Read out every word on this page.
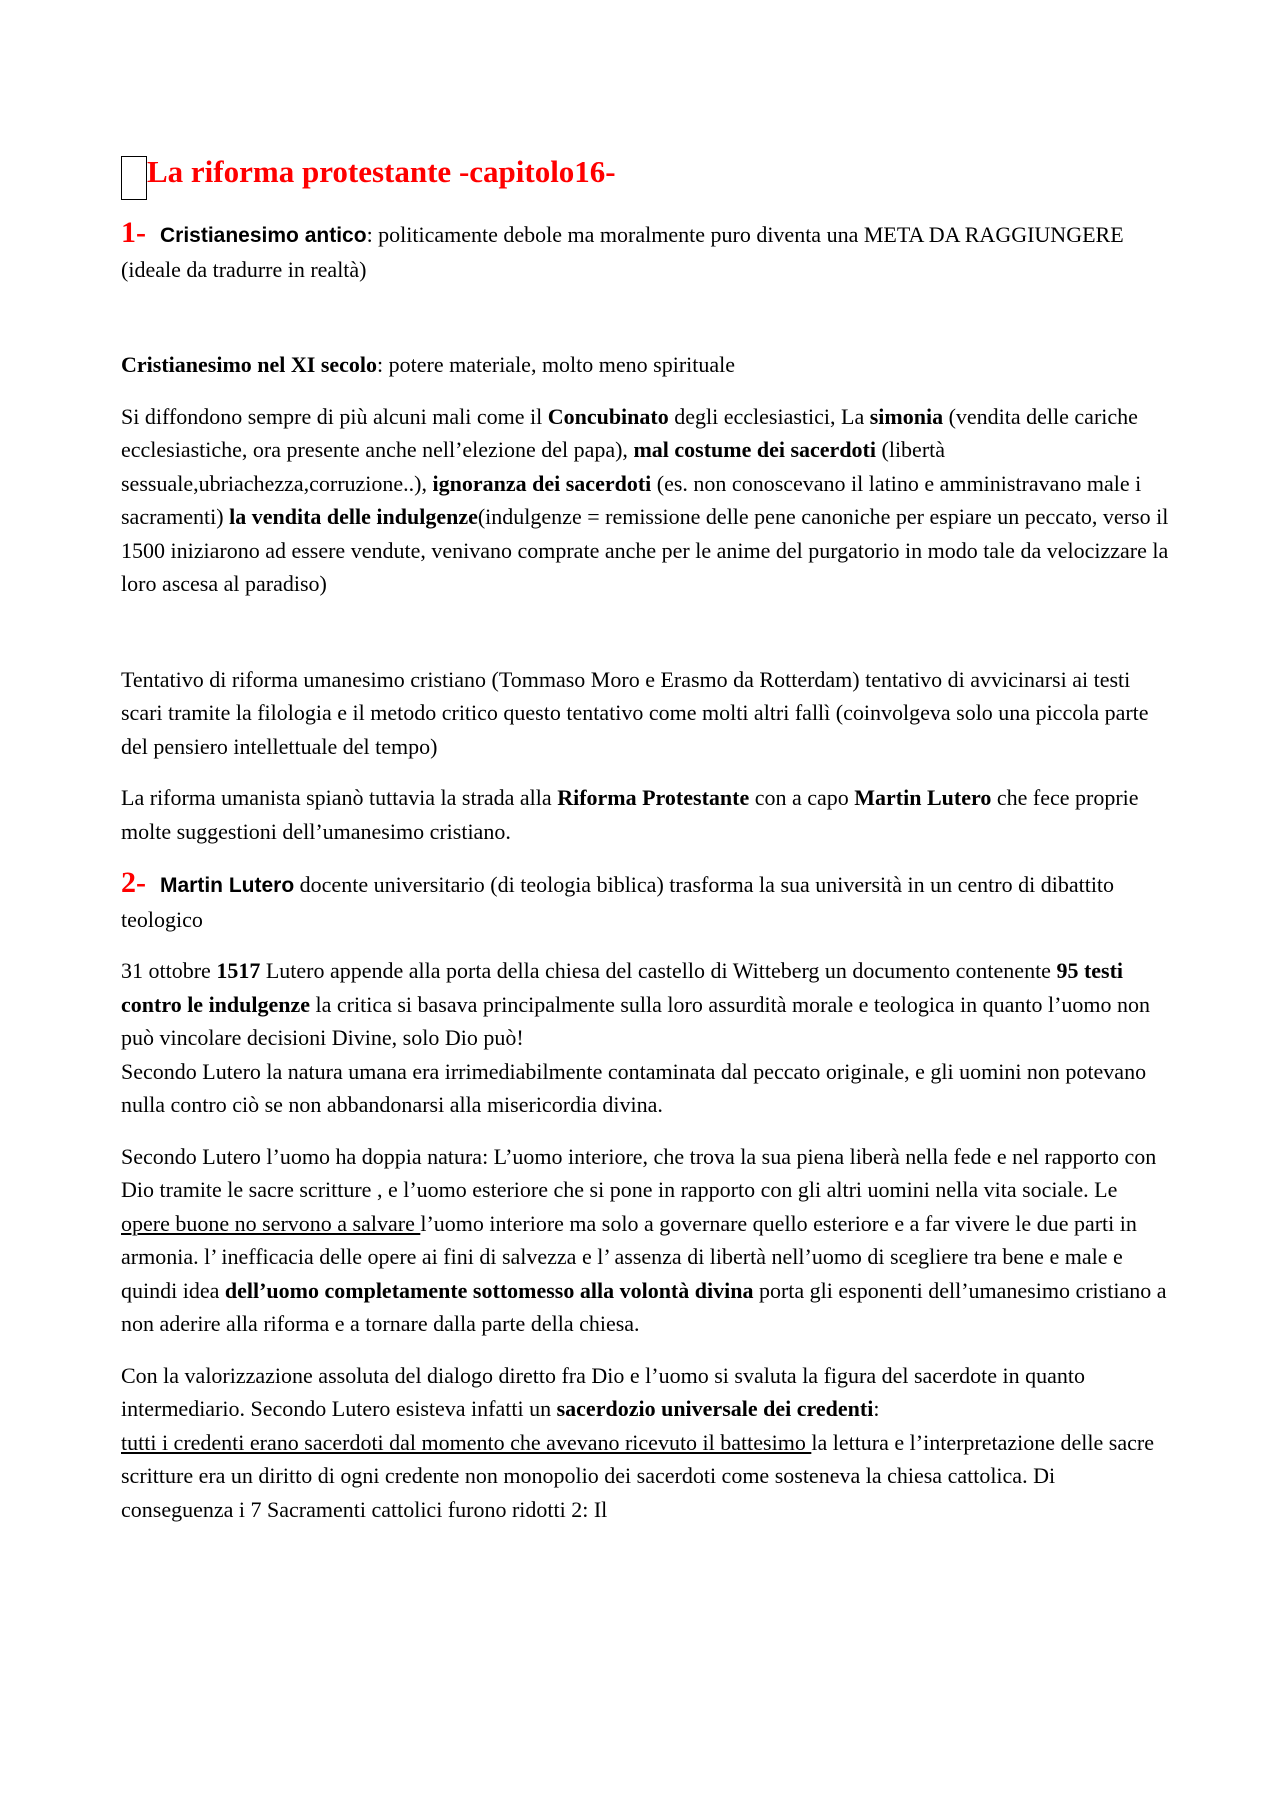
La riforma protestante -capitolo16-

1- Cristianesimo antico: politicamente debole ma moralmente puro diventa una META DA RAGGIUNGERE (ideale da tradurre in realtà)

Cristianesimo nel XI secolo: potere materiale, molto meno spirituale

Si diffondono sempre di più alcuni mali come il Concubinato degli ecclesiastici, La simonia (vendita delle cariche ecclesiastiche, ora presente anche nell’elezione del papa), mal costume dei sacerdoti (libertà sessuale,ubriachezza,corruzione..), ignoranza dei sacerdoti (es. non conoscevano il latino e amministravano male i sacramenti) la vendita delle indulgenze(indulgenze = remissione delle pene canoniche per espiare un peccato, verso il 1500 iniziarono ad essere vendute, venivano comprate anche per le anime del purgatorio in modo tale da velocizzare la loro ascesa al paradiso)

Tentativo di riforma umanesimo cristiano (Tommaso Moro e Erasmo da Rotterdam) tentativo di avvicinarsi ai testi scari tramite la filologia e il metodo critico questo tentativo come molti altri fallì (coinvolgeva solo una piccola parte del pensiero intellettuale del tempo)

La riforma umanista spianò tuttavia la strada alla Riforma Protestante con a capo Martin Lutero che fece proprie molte suggestioni dell’umanesimo cristiano.

2- Martin Lutero docente universitario (di teologia biblica) trasforma la sua università in un centro di dibattito teologico

31 ottobre 1517 Lutero appende alla porta della chiesa del castello di Witteberg un documento contenente 95 testi contro le indulgenze la critica si basava principalmente sulla loro assurdità morale e teologica in quanto l’uomo non può vincolare decisioni Divine, solo Dio può!
Secondo Lutero la natura umana era irrimediabilmente contaminata dal peccato originale, e gli uomini non potevano nulla contro ciò se non abbandonarsi alla misericordia divina.

Secondo Lutero l’uomo ha doppia natura: L’uomo interiore, che trova la sua piena liberà nella fede e nel rapporto con Dio tramite le sacre scritture , e l’uomo esteriore che si pone in rapporto con gli altri uomini nella vita sociale. Le opere buone no servono a salvare l’uomo interiore ma solo a governare quello esteriore e a far vivere le due parti in armonia. l’ inefficacia delle opere ai fini di salvezza e l’ assenza di libertà nell’uomo di scegliere tra bene e male e quindi idea dell’uomo completamente sottomesso alla volontà divina porta gli esponenti dell’umanesimo cristiano a non aderire alla riforma e a tornare dalla parte della chiesa.

Con la valorizzazione assoluta del dialogo diretto fra Dio e l’uomo si svaluta la figura del sacerdote in quanto intermediario. Secondo Lutero esisteva infatti un sacerdozio universale dei credenti:
tutti i credenti erano sacerdoti dal momento che avevano ricevuto il battesimo la lettura e l’interpretazione delle sacre scritture era un diritto di ogni credente non monopolio dei sacerdoti come sosteneva la chiesa cattolica. Di conseguenza i 7 Sacramenti cattolici furono ridotti 2: Il
